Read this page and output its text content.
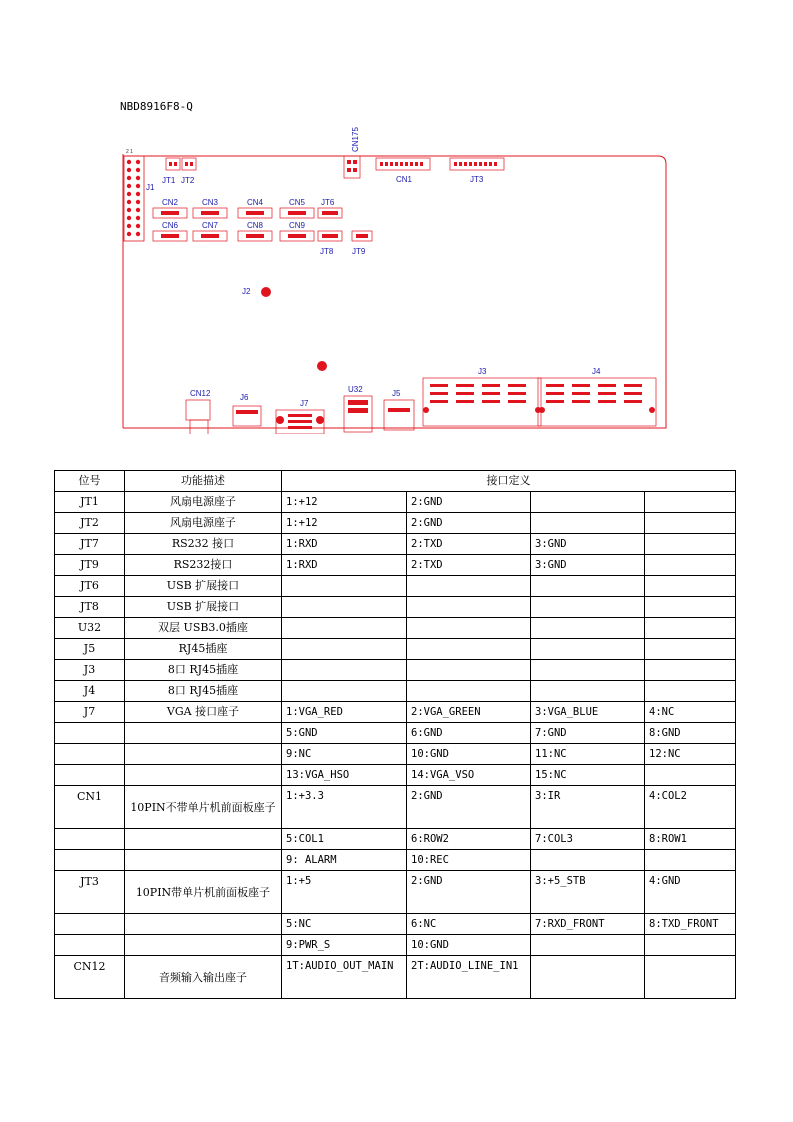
NBD8916F8-Q
J1
2 1
JT1 JT2
CN175
CN1	JT3
CN2	CN3	CN4	CN5 JT6
CN6	CN7	CN8	CN9
JT8 JT9
J2
CN12	J6
J7
U32	J5
J3	J4
位号	功能描述	接口定义			
JT1	风扇电源座子	1:+12	2:GND		
JT2	风扇电源座子	1:+12	2:GND		
JT7	RS232 接口	1:RXD	2:TXD	3:GND	
JT9	RS232接口	1:RXD	2:TXD	3:GND	
JT6	USB 扩展接口				
JT8	USB 扩展接口				
U32	双层 USB3.0插座				
J5	RJ45插座				
J3	8口 RJ45插座				
J4	8口 RJ45插座				
J7	VGA 接口座子	1:VGA_RED	2:VGA_GREEN	3:VGA_BLUE	4:NC
		5:GND	6:GND	7:GND	8:GND
		9:NC	10:GND	11:NC	12:NC
		13:VGA_HSO	14:VGA_VSO	15:NC	
CN1	10PIN不带单片机前面板座子	1:+3.3	2:GND	3:IR	4:COL2
		5:COL1	6:ROW2	7:COL3	8:ROW1
		9: ALARM	10:REC		
JT3	10PIN带单片机前面板座子	1:+5	2:GND	3:+5_STB	4:GND
		5:NC	6:NC	7:RXD_FRONT	8:TXD_FRONT
		9:PWR_S	10:GND		
CN12	音频输入输出座子	1T:AUDIO_OUT_MAIN	2T:AUDIO_LINE_IN1		
